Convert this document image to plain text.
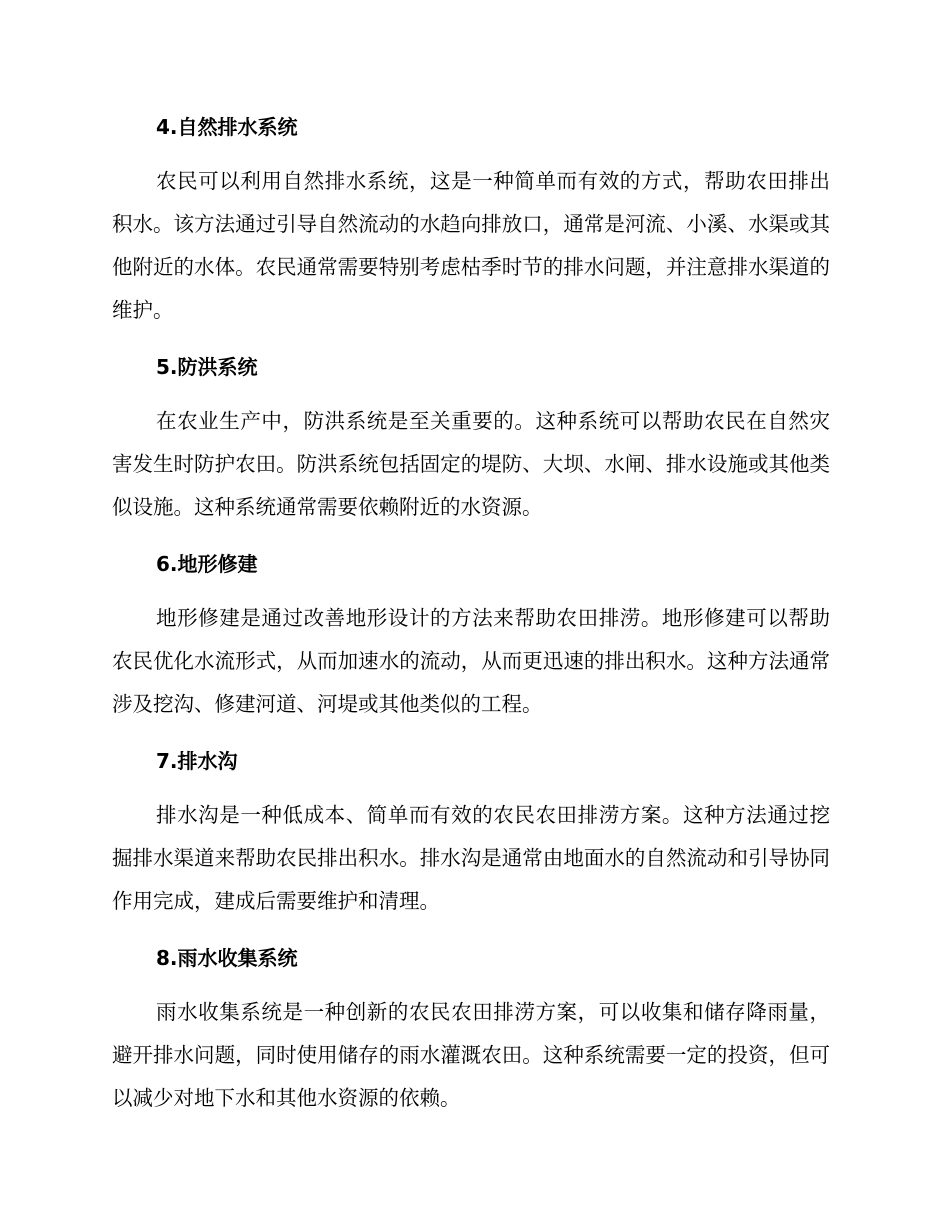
4.自然排水系统

农民可以利用自然排水系统，这是一种简单而有效的方式，帮助农田排出积水。该方法通过引导自然流动的水趋向排放口，通常是河流、小溪、水渠或其他附近的水体。农民通常需要特别考虑枯季时节的排水问题，并注意排水渠道的维护。

5.防洪系统

在农业生产中，防洪系统是至关重要的。这种系统可以帮助农民在自然灾害发生时防护农田。防洪系统包括固定的堤防、大坝、水闸、排水设施或其他类似设施。这种系统通常需要依赖附近的水资源。

6.地形修建

地形修建是通过改善地形设计的方法来帮助农田排涝。地形修建可以帮助农民优化水流形式，从而加速水的流动，从而更迅速的排出积水。这种方法通常涉及挖沟、修建河道、河堤或其他类似的工程。

7.排水沟

排水沟是一种低成本、简单而有效的农民农田排涝方案。这种方法通过挖掘排水渠道来帮助农民排出积水。排水沟是通常由地面水的自然流动和引导协同作用完成，建成后需要维护和清理。

8.雨水收集系统

雨水收集系统是一种创新的农民农田排涝方案，可以收集和储存降雨量，避开排水问题，同时使用储存的雨水灌溉农田。这种系统需要一定的投资，但可以减少对地下水和其他水资源的依赖。
